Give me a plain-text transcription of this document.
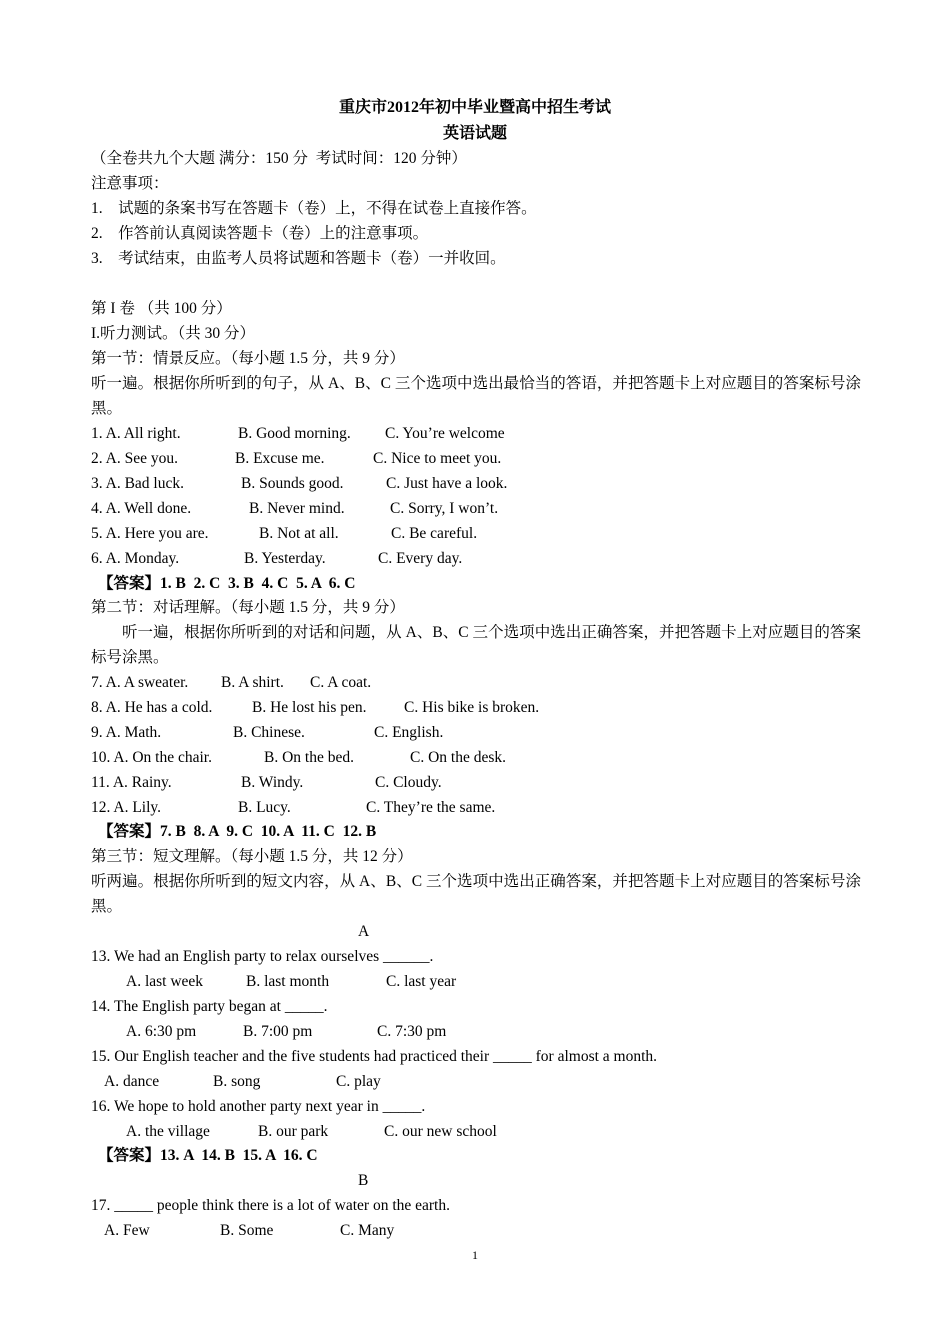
重庆市2012年初中毕业暨高中招生考试
英语试题
（全卷共九个大题 满分：150 分  考试时间：120 分钟）
注意事项：
1.    试题的条案书写在答题卡（卷）上，不得在试卷上直接作答。
2.    作答前认真阅读答题卡（卷）上的注意事项。
3.    考试结束，由监考人员将试题和答题卡（卷）一并收回。
第 I 卷 （共 100 分）
I.听力测试。（共 30 分）
第一节：情景反应。（每小题 1.5 分，共 9 分）
听一遍。根据你所听到的句子，从 A、B、C 三个选项中选出最恰当的答语，并把答题卡上对应题目的答案标号涂黑。
1. A. All right.	B. Good morning. C. You’re welcome
2. A. See you.	B. Excuse me.	C. Nice to meet you.
3. A. Bad luck.	B. Sounds good.	C. Just have a look.
4. A. Well done.	B. Never mind.	C. Sorry, I won’t.
5. A. Here you are.	B. Not at all.	C. Be careful.
6. A. Monday.	B. Yesterday.	C. Every day.
【答案】1. B  2. C  3. B  4. C  5. A  6. C
第二节：对话理解。（每小题 1.5 分，共 9 分）
听一遍，根据你所听到的对话和问题，从 A、B、C 三个选项中选出正确答案，并把答题卡上对应题目的答案标号涂黑。
7. A. A sweater. B. A shirt. C. A coat.
8. A. He has a cold.	B. He lost his pen. C. His bike is broken.
9. A. Math.	B. Chinese.	C. English.
10. A. On the chair.	B. On the bed.	C. On the desk.
11. A. Rainy.	B. Windy.	C. Cloudy.
12. A. Lily.	B. Lucy.	C. They’re the same.
【答案】7. B  8. A  9. C  10. A  11. C  12. B
第三节：短文理解。（每小题 1.5 分，共 12 分）
听两遍。根据你所听到的短文内容，从 A、B、C 三个选项中选出正确答案，并把答题卡上对应题目的答案标号涂黑。
A
13. We had an English party to relax ourselves ______.
A. last week	B. last month	C. last year
14. The English party began at _____.
A. 6:30 pm	B. 7:00 pm	C. 7:30 pm
15. Our English teacher and the five students had practiced their _____ for almost a month.
A. dance	B. song	C. play
16. We hope to hold another party next year in _____.
A. the village	B. our park	C. our new school
【答案】13. A  14. B  15. A  16. C
B
17. _____ people think there is a lot of water on the earth.
A. Few	B. Some	C. Many
1
